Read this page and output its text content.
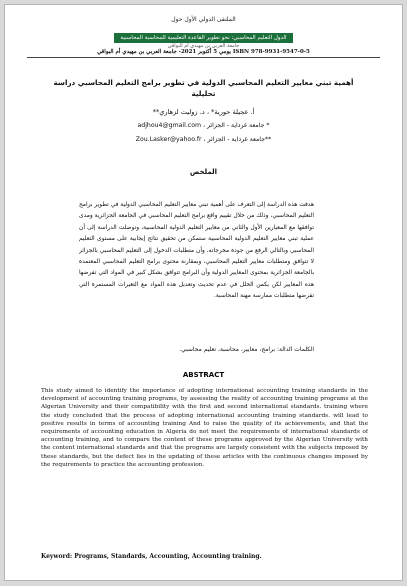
الملتقى الدولي الأول حول
الدول التعليم المحاسبي: نحو تطوير القاعدة التعليمية للمحاسبة المحاسبية
جامعة العربي بن مهيدي أم البواقي
ISBN 978-9931-9547-0-5 يومي 5 أكتوبر 2021- جامعة العربي بن مهيدي أم البواقي
أهمية تبني معايير التعليم المحاسبي الدولية في تطوير برامج التعليم المحاسبي دراسة تحليلية
أ. عجيلة حورية* ، د. زوليت لزهاري**
* جامعة غرداية - الجزائر ، adjhou4@gmail.com
**جامعة غرداية - الجزائر ، Zou.Lasker@yahoo.fr
الملخص
هدفت هذه الدراسة إلى التعرف على أهمية تبني معايير التعليم المحاسبي الدولية في تطوير برامج التعليم المحاسبي، وذلك من خلال تقييم واقع برامج التعليم المحاسبي في الجامعة الجزائرية ومدى توافقها مع المعيارين الأول والثاني من معايير التعليم الدولية المحاسبية، وتوصلت الدراسة إلى أن عملية تبني معايير التعليم الدولية المحاسبية ستمكن من تحقيق نتائج إيجابية على مستوى التعليم المحاسبي وبالتالي الرفع من جودة مخرجاته، وأن متطلبات الدخول إلى التعليم المحاسبي بالجزائر لا تتوافق ومتطلبات معايير التعليم المحاسبي، وبمقارنة محتوى برامج التعليم المحاسبي المعتمدة بالجامعة الجزائرية بمحتوى المعايير الدولية وأن البرامج تتوافق بشكل كبير في المواد التي تفرضها هذه المعايير لكن يكمن الخلل في عدم تحديث وتعديل هذه المواد مع التغيرات المستمرة التي تفرضها متطلبات ممارسة مهنة المحاسبة.
الكلمات الدالة: برامج، معايير، محاسبة، تعليم محاسبي.
ABSTRACT
This study aimed to identify the importance of adopting international accounting training standards in the development of accounting training programs, by assessing the reality of accounting training programs at the Algerian University and their compatibility with the first and second international standards. training where the study concluded that the process of adopting international accounting training standards. will lead to positive results in terms of accounting training And to raise the quality of its achievements, and that the requirements of accounting education in Algeria do not meet the requirements of international standards of accounting training, and to compare the content of these programs approved by the Algerian University with the content international standards and that the programs are largely consistent with the subjects imposed by these standards, but the defect lies in the updating of these articles with the continuous changes imposed by the requirements to practice the accounting profession.
Keyword: Programs, Standards, Accounting, Accounting training.
